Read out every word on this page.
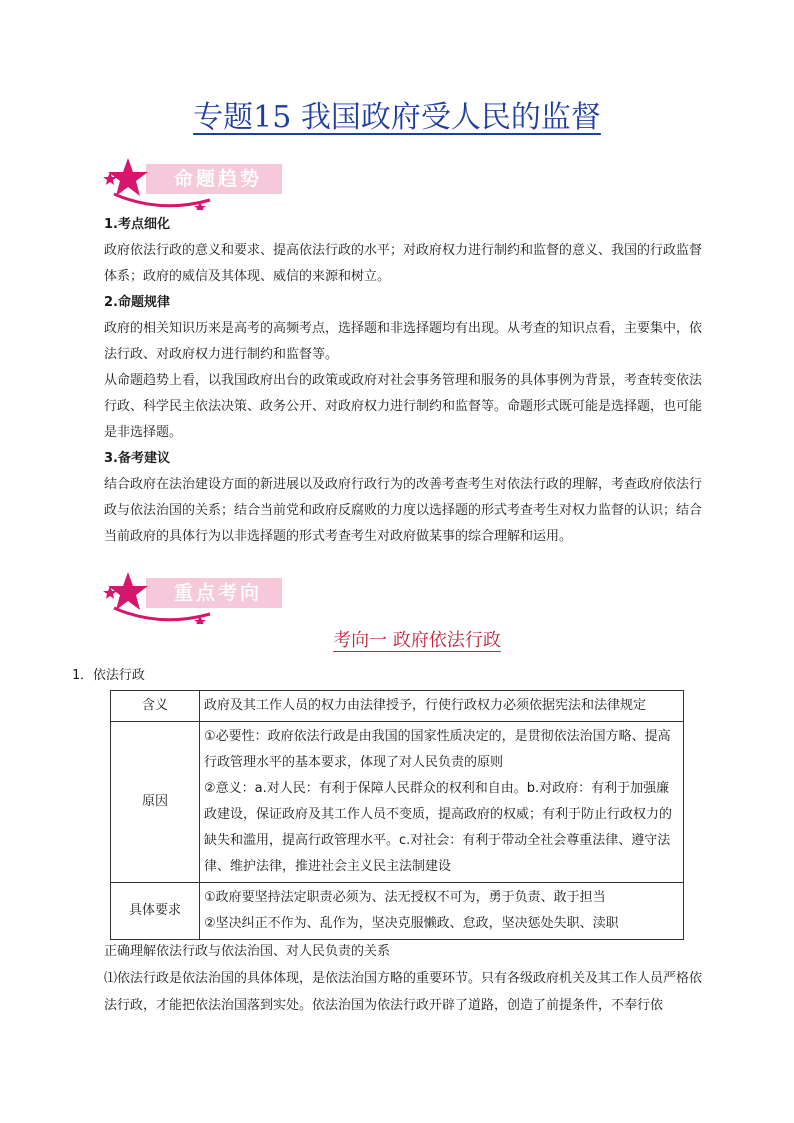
专题15 我国政府受人民的监督
命题趋势
1.考点细化
政府依法行政的意义和要求、提高依法行政的水平；对政府权力进行制约和监督的意义、我国的行政监督体系；政府的威信及其体现、威信的来源和树立。
2.命题规律
政府的相关知识历来是高考的高频考点，选择题和非选择题均有出现。从考查的知识点看，主要集中，依法行政、对政府权力进行制约和监督等。
从命题趋势上看，以我国政府出台的政策或政府对社会事务管理和服务的具体事例为背景，考查转变依法行政、科学民主依法决策、政务公开、对政府权力进行制约和监督等。命题形式既可能是选择题，也可能是非选择题。
3.备考建议
结合政府在法治建设方面的新进展以及政府行政行为的改善考查考生对依法行政的理解，考查政府依法行政与依法治国的关系；结合当前党和政府反腐败的力度以选择题的形式考查考生对权力监督的认识；结合当前政府的具体行为以非选择题的形式考查考生对政府做某事的综合理解和运用。
重点考向
考向一 政府依法行政
1．依法行政
含义	政府及其工作人员的权力由法律授予，行使行政权力必须依据宪法和法律规定
原因	①必要性：政府依法行政是由我国的国家性质决定的，是贯彻依法治国方略、提高行政管理水平的基本要求，体现了对人民负责的原则
②意义：a.对人民：有利于保障人民群众的权利和自由。b.对政府：有利于加强廉政建设，保证政府及其工作人员不变质，提高政府的权威；有利于防止行政权力的缺失和滥用，提高行政管理水平。c.对社会：有利于带动全社会尊重法律、遵守法律、维护法律，推进社会主义民主法制建设

具体要求	①政府要坚持法定职责必须为、法无授权不可为，勇于负责、敢于担当
②坚决纠正不作为、乱作为，坚决克服懒政、怠政，坚决惩处失职、渎职
正确理解依法行政与依法治国、对人民负责的关系
⑴依法行政是依法治国的具体体现，是依法治国方略的重要环节。只有各级政府机关及其工作人员严格依法行政，才能把依法治国落到实处。依法治国为依法行政开辟了道路，创造了前提条件，不奉行依
